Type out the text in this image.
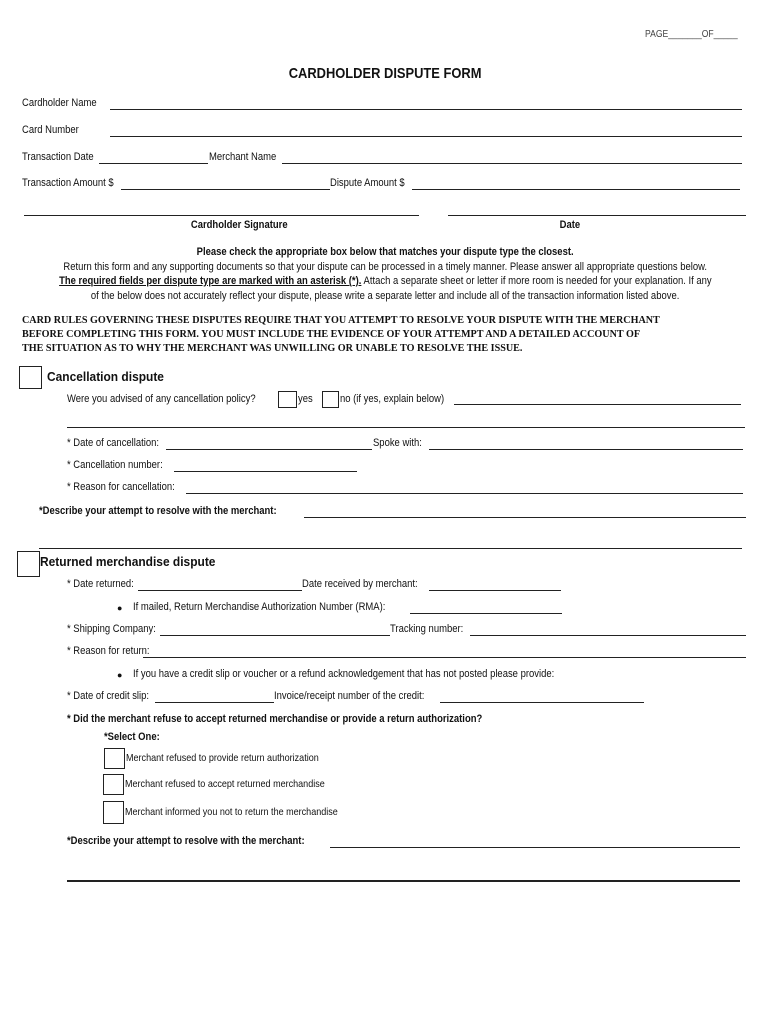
PAGE_______OF_____
CARDHOLDER DISPUTE FORM
Cardholder Name
Card Number
Transaction Date	Merchant Name
Transaction Amount $	Dispute Amount $
Cardholder Signature	Date
Please check the appropriate box below that matches your dispute type the closest.
Return this form and any supporting documents so that your dispute can be processed in a timely manner. Please answer all appropriate questions below.
The required fields per dispute type are marked with an asterisk (*). Attach a separate sheet or letter if more room is needed for your explanation. If any
of the below does not accurately reflect your dispute, please write a separate letter and include all of the transaction information listed above.
CARD RULES GOVERNING THESE DISPUTES REQUIRE THAT YOU ATTEMPT TO RESOLVE YOUR DISPUTE WITH THE MERCHANT
BEFORE COMPLETING THIS FORM. YOU MUST INCLUDE THE EVIDENCE OF YOUR ATTEMPT AND A DETAILED ACCOUNT OF
THE SITUATION AS TO WHY THE MERCHANT WAS UNWILLING OR UNABLE TO RESOLVE THE ISSUE.
Cancellation dispute
Were you advised of any cancellation policy?	yes no (if yes, explain below)
* Date of cancellation:	Spoke with:
* Cancellation number:
* Reason for cancellation:
*Describe your attempt to resolve with the merchant:
Returned merchandise dispute
* Date returned:	Date received by merchant:
● If mailed, Return Merchandise Authorization Number (RMA):
* Shipping Company:	Tracking number:
* Reason for return:
● If you have a credit slip or voucher or a refund acknowledgement that has not posted please provide:
* Date of credit slip:	Invoice/receipt number of the credit:
* Did the merchant refuse to accept returned merchandise or provide a return authorization?
*Select One:
Merchant refused to provide return authorization
Merchant refused to accept returned merchandise
Merchant informed you not to return the merchandise
*Describe your attempt to resolve with the merchant:
